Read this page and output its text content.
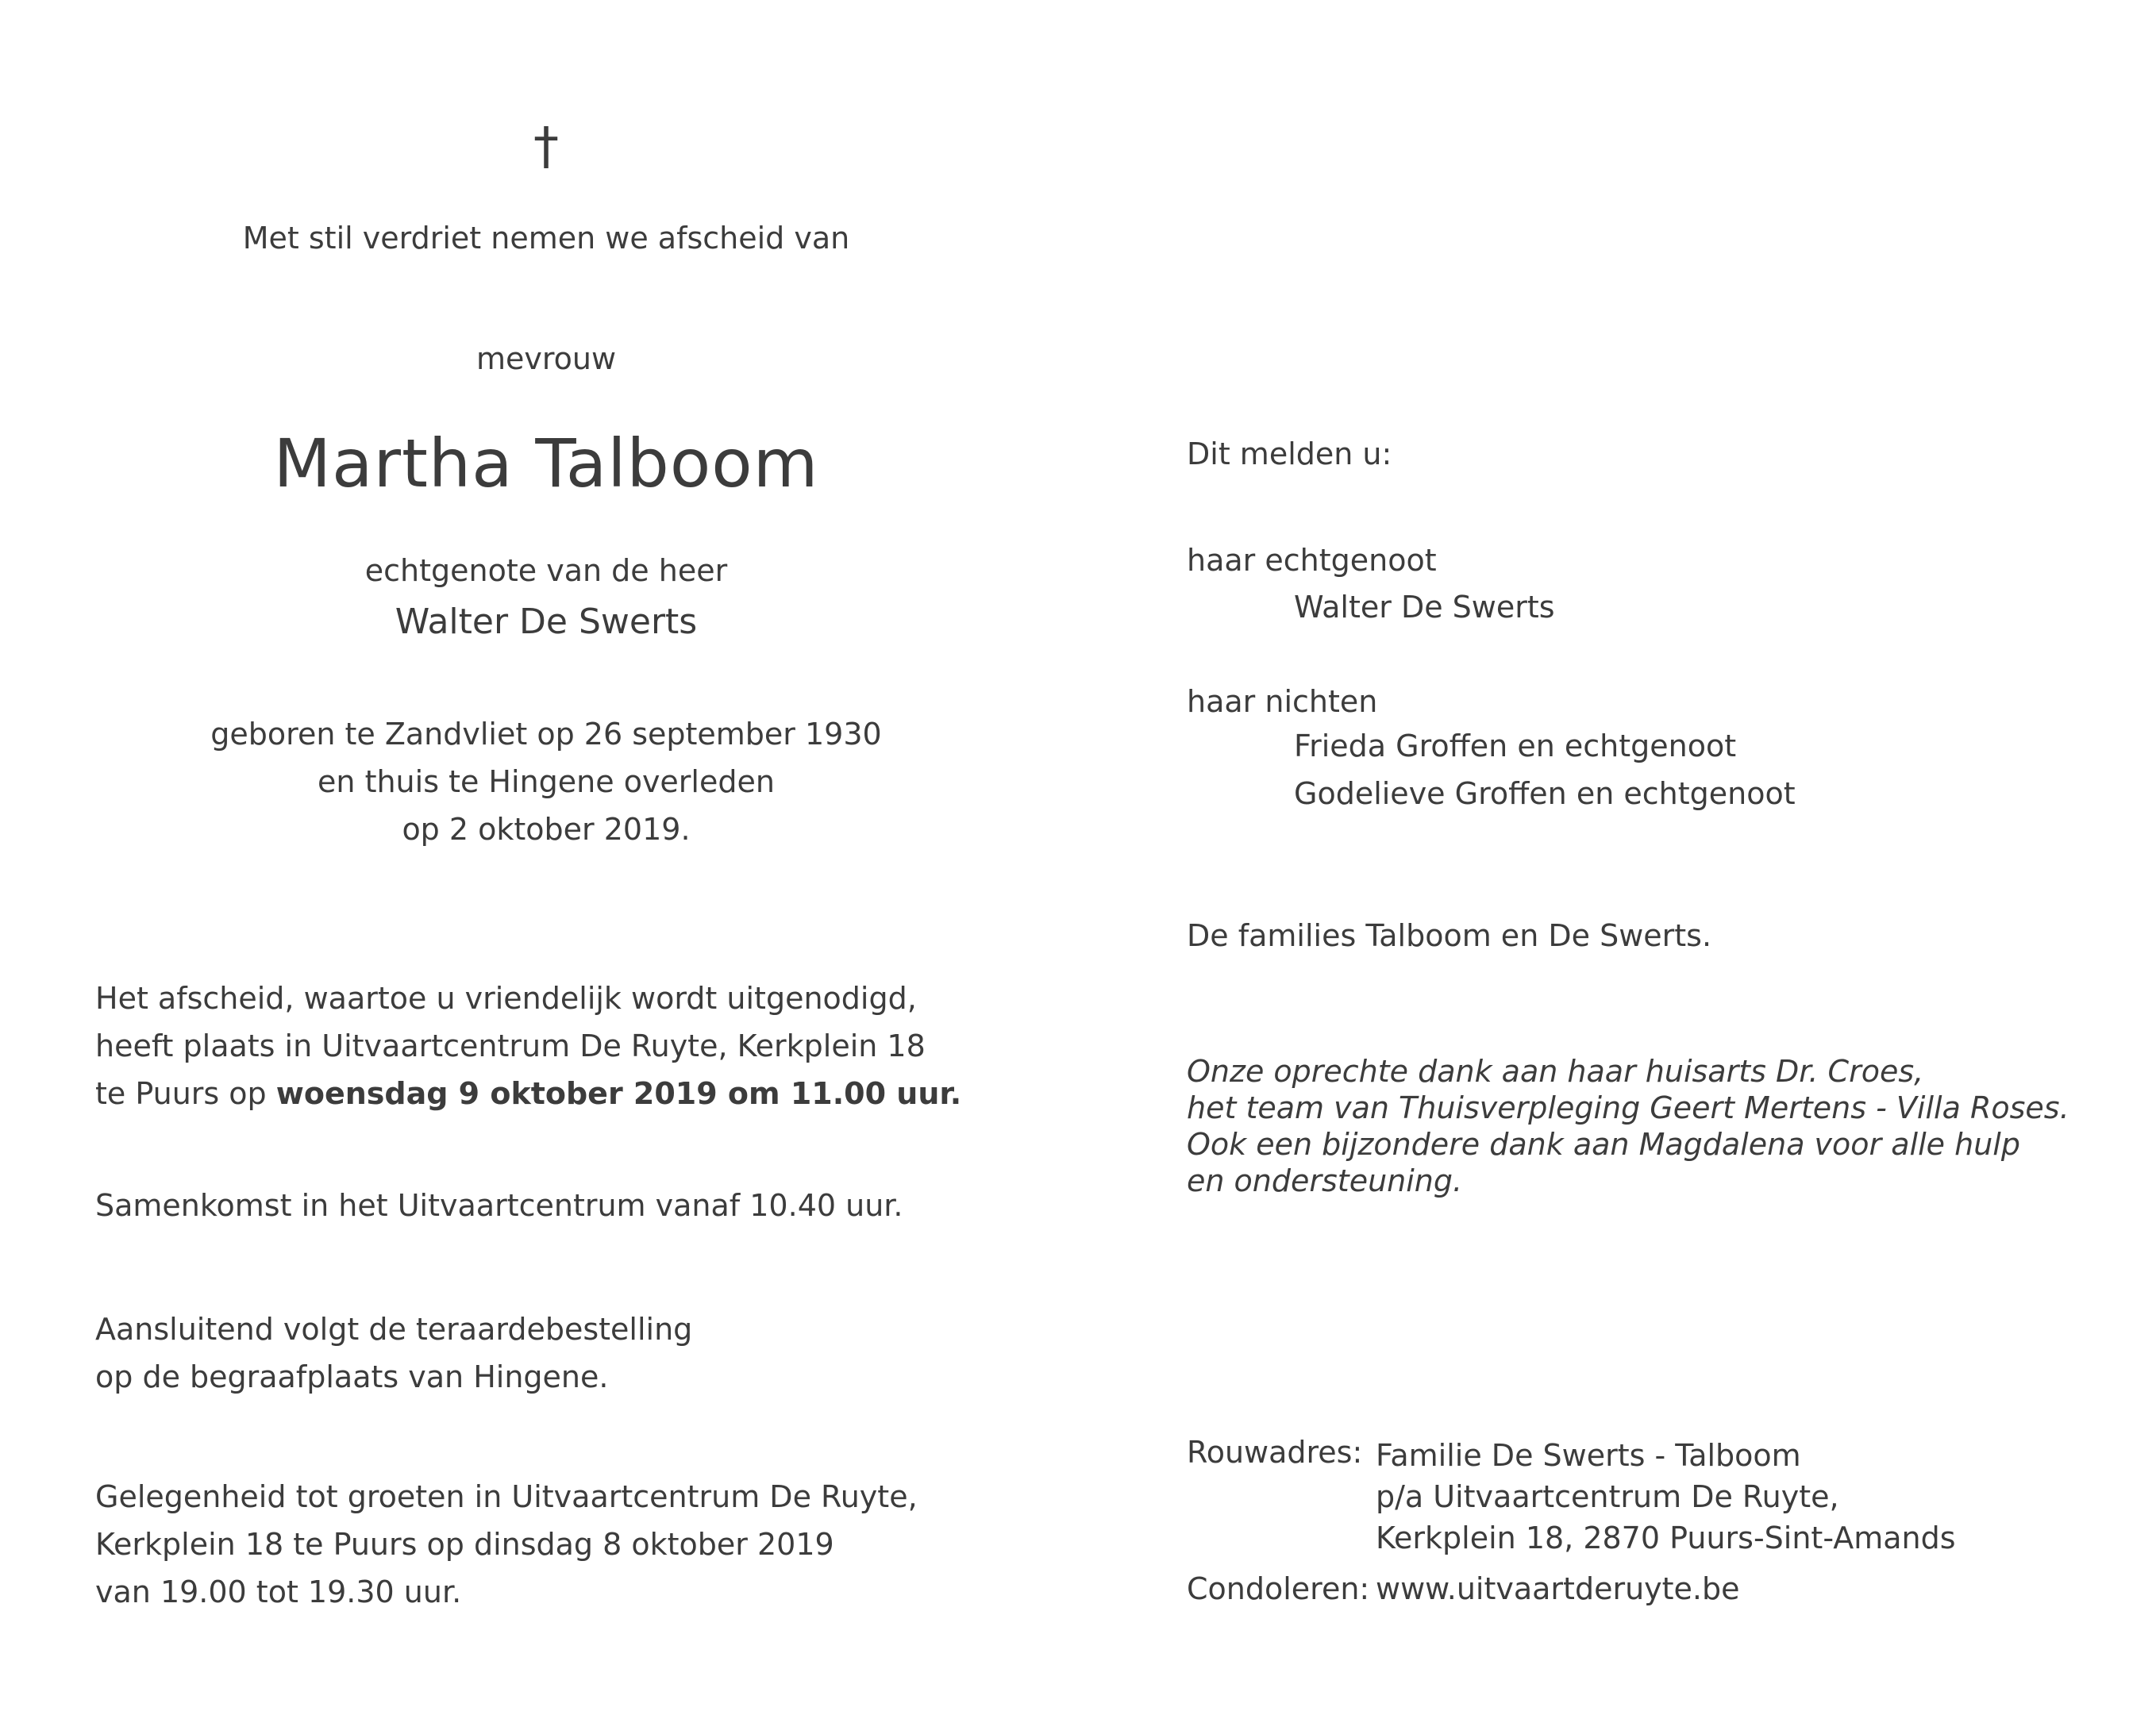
†
Met stil verdriet nemen we afscheid van
mevrouw
Martha Talboom
echtgenote van de heer
Walter De Swerts
geboren te Zandvliet op 26 september 1930
en thuis te Hingene overleden
op 2 oktober 2019.
Het afscheid, waartoe u vriendelijk wordt uitgenodigd,
heeft plaats in Uitvaartcentrum De Ruyte, Kerkplein 18
te Puurs op woensdag 9 oktober 2019 om 11.00 uur.
Samenkomst in het Uitvaartcentrum vanaf 10.40 uur.
Aansluitend volgt de teraardebestelling
op de begraafplaats van Hingene.
Gelegenheid tot groeten in Uitvaartcentrum De Ruyte,
Kerkplein 18 te Puurs op dinsdag 8 oktober 2019
van 19.00 tot 19.30 uur.
Dit melden u:
haar echtgenoot
Walter De Swerts
haar nichten
Frieda Groffen en echtgenoot
Godelieve Groffen en echtgenoot
De families Talboom en De Swerts.
Onze oprechte dank aan haar huisarts Dr. Croes,
het team van Thuisverpleging Geert Mertens - Villa Roses.
Ook een bijzondere dank aan Magdalena voor alle hulp
en ondersteuning.
Rouwadres: Familie De Swerts - Talboom
p/a Uitvaartcentrum De Ruyte,
Kerkplein 18, 2870 Puurs-Sint-Amands
Condoleren: www.uitvaartderuyte.be
